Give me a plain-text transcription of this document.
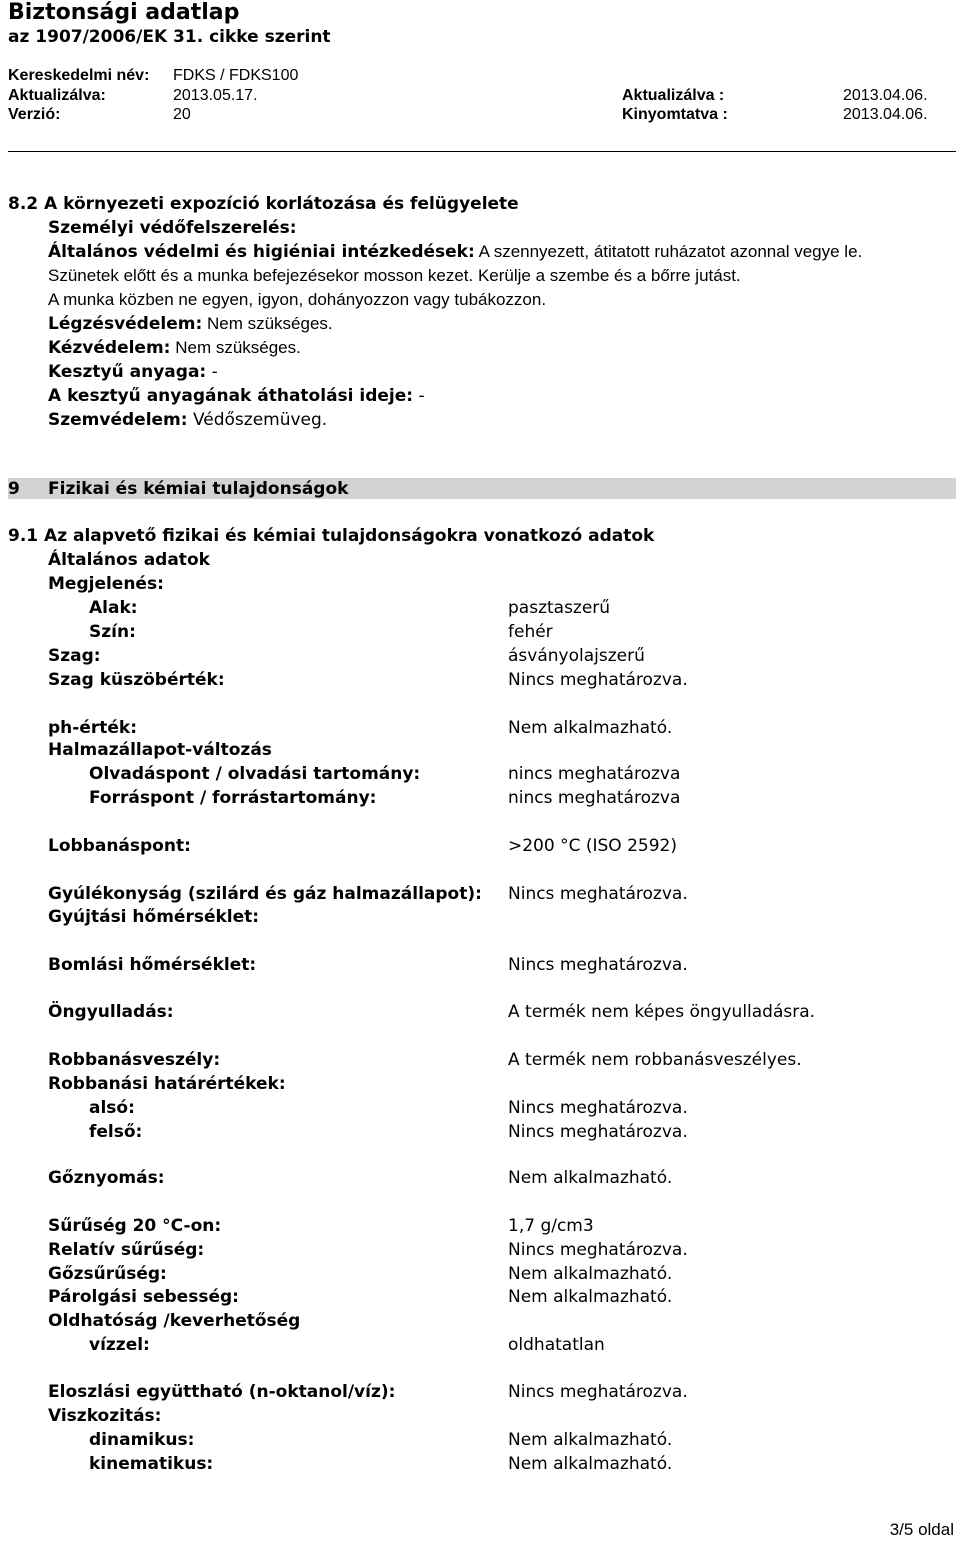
Biztonsági adatlap
az 1907/2006/EK 31. cikke szerint
Kereskedelmi név: FDKS / FDKS100
Aktualizálva:	2013.05.17.	Aktualizálva :	2013.04.06.
Verzió:	20	Kinyomtatva :	2013.04.06.
8.2 A környezeti expozíció korlátozása és felügyelete
Személyi védőfelszerelés:
Általános védelmi és higiéniai intézkedések: A szennyezett, átitatott ruházatot azonnal vegye le.
Szünetek előtt és a munka befejezésekor mosson kezet. Kerülje a szembe és a bőrre jutást.
A munka közben ne egyen, igyon, dohányozzon vagy tubákozzon.
Légzésvédelem: Nem szükséges.
Kézvédelem: Nem szükséges.
Kesztyű anyaga: -
A kesztyű anyagának áthatolási ideje: -
Szemvédelem: Védőszemüveg.
9 Fizikai és kémiai tulajdonságok
9.1 Az alapvető fizikai és kémiai tulajdonságokra vonatkozó adatok
Általános adatok
Megjelenés:
Alak:	pasztaszerű
Szín:	fehér
Szag:	ásványolajszerű
Szag küszöbérték:	Nincs meghatározva.
ph-érték:	Nem alkalmazható.
Halmazállapot-változás
Olvadáspont / olvadási tartomány:	nincs meghatározva
Forráspont / forrástartomány:	nincs meghatározva
Lobbanáspont:	>200 °C (ISO 2592)
Gyúlékonyság (szilárd és gáz halmazállapot): Nincs meghatározva.
Gyújtási hőmérséklet:
Bomlási hőmérséklet:	Nincs meghatározva.
Öngyulladás:	A termék nem képes öngyulladásra.
Robbanásveszély:	A termék nem robbanásveszélyes.
Robbanási határértékek:
alsó:	Nincs meghatározva.
felső:	Nincs meghatározva.
Gőznyomás:	Nem alkalmazható.
Sűrűség 20 °C-on:	1,7 g/cm3
Relatív sűrűség:	Nincs meghatározva.
Gőzsűrűség:	Nem alkalmazható.
Párolgási sebesség:	Nem alkalmazható.
Oldhatóság /keverhetőség
vízzel:	oldhatatlan
Eloszlási együttható (n-oktanol/víz):	Nincs meghatározva.
Viszkozitás:
dinamikus:	Nem alkalmazható.
kinematikus:	Nem alkalmazható.
3/5 oldal
